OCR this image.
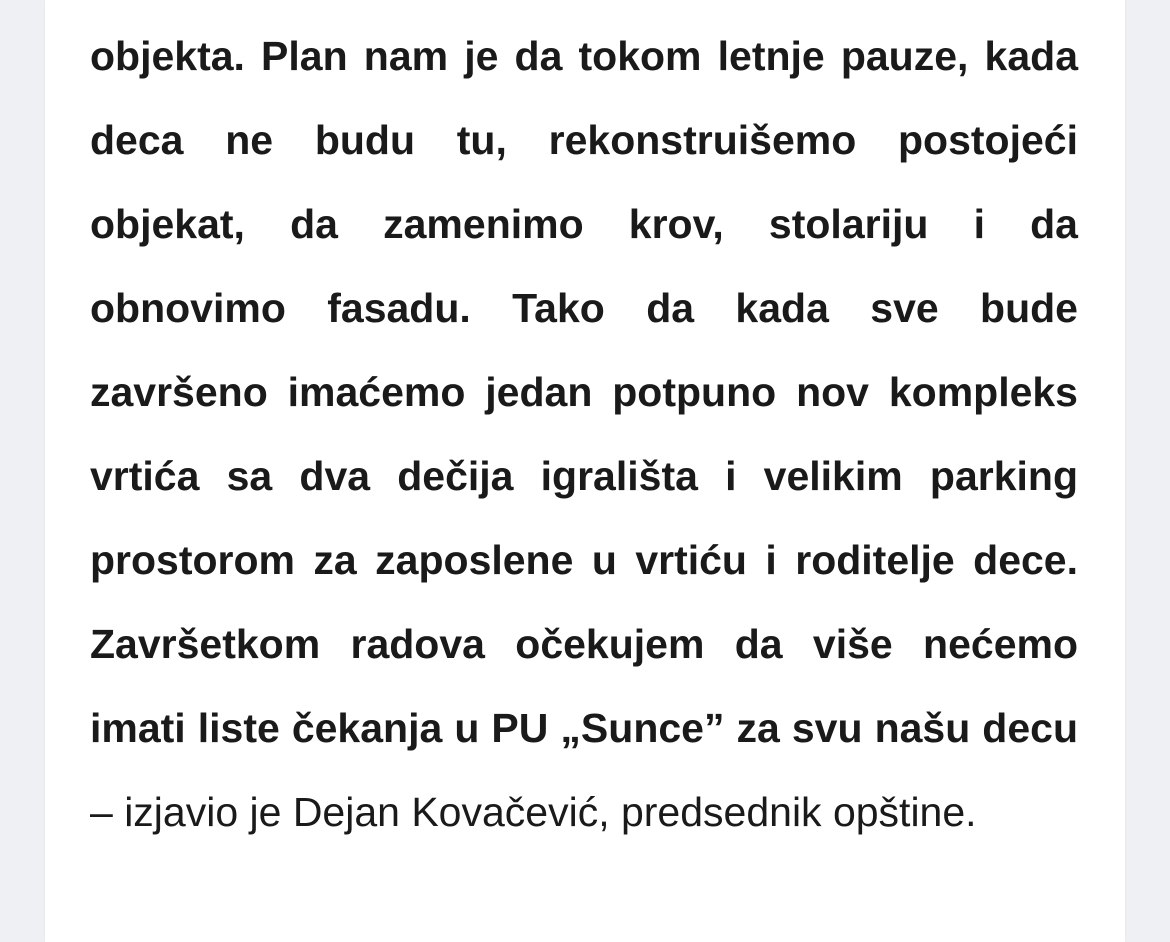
objekta. Plan nam je da tokom letnje pauze, kada deca ne budu tu, rekonstruišemo postojeći objekat, da zamenimo krov, stolariju i da obnovimo fasadu. Tako da kada sve bude završeno imaćemo jedan potpuno nov kompleks vrtića sa dva dečija igrališta i velikim parking prostorom za zaposlene u vrtiću i roditelje dece. Završetkom radova očekujem da više nećemo imati liste čekanja u PU „Sunce” za svu našu decu – izjavio je Dejan Kovačević, predsednik opštine.
